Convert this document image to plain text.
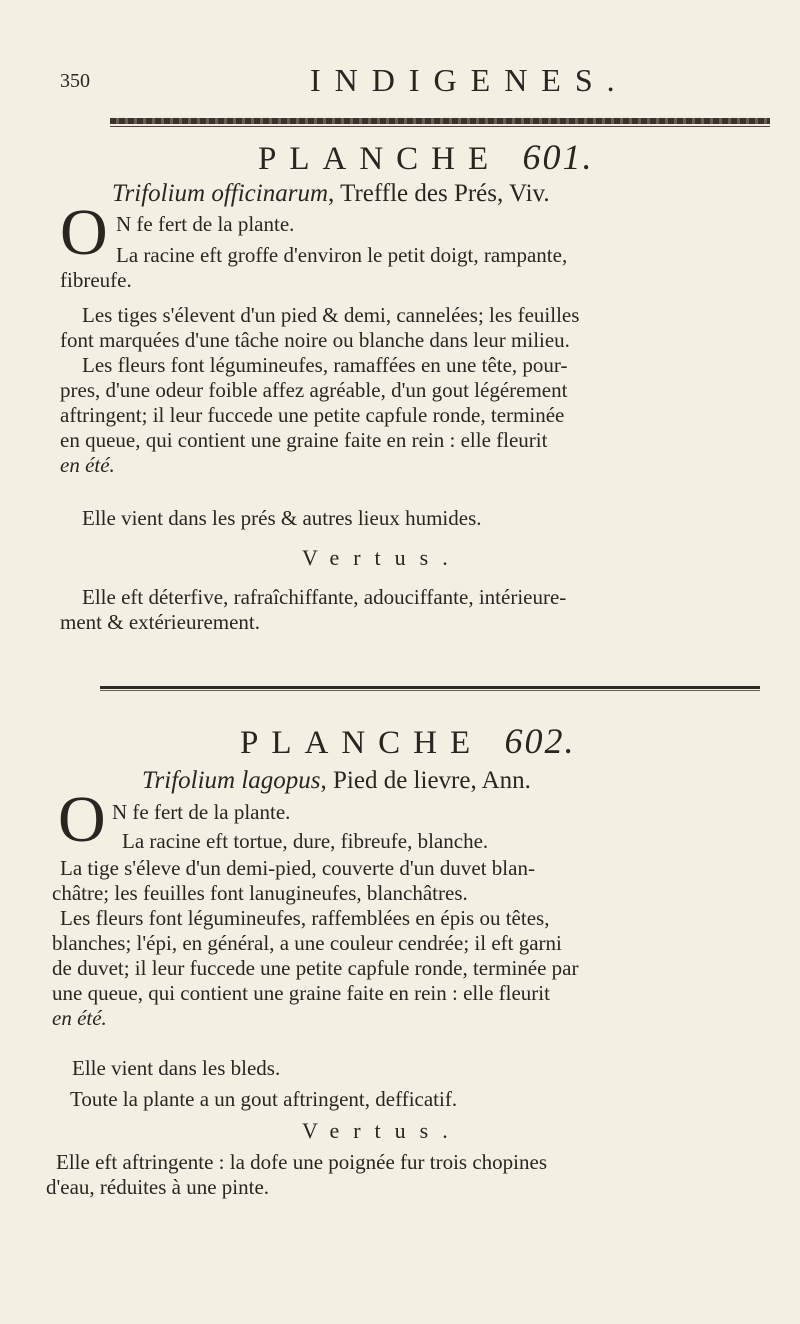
350	INDIGENES.
PLANCHE 601.
Trifolium officinarum, Treffle des Prés, Viv.
O N fe fert de la plante.
La racine eft groffe d'environ le petit doigt, rampante,
fibreufe.
Les tiges s'élevent d'un pied & demi, cannelées; les feuilles
font marquées d'une tâche noire ou blanche dans leur milieu.
Les fleurs font légumineufes, ramaffées en une tête, pour-
pres, d'une odeur foible affez agréable, d'un gout légérement
aftringent; il leur fuccede une petite capfule ronde, terminée
en queue, qui contient une graine faite en rein : elle fleurit
en été.
Elle vient dans les prés & autres lieux humides.
Vertus.
Elle eft déterfive, rafraîchiffante, adouciffante, intérieure-
ment & extérieurement.
PLANCHE 602.
Trifolium lagopus, Pied de lievre, Ann.
O N fe fert de la plante.
La racine eft tortue, dure, fibreufe, blanche.
La tige s'éleve d'un demi-pied, couverte d'un duvet blan-
châtre; les feuilles font lanugineufes, blanchâtres.
Les fleurs font légumineufes, raffemblées en épis ou têtes,
blanches; l'épi, en général, a une couleur cendrée; il eft garni
de duvet; il leur fuccede une petite capfule ronde, terminée par
une queue, qui contient une graine faite en rein : elle fleurit
en été.
Elle vient dans les bleds.
Toute la plante a un gout aftringent, defficatif.
Vertus.
Elle eft aftringente : la dofe une poignée fur trois chopines
d'eau, réduites à une pinte.
